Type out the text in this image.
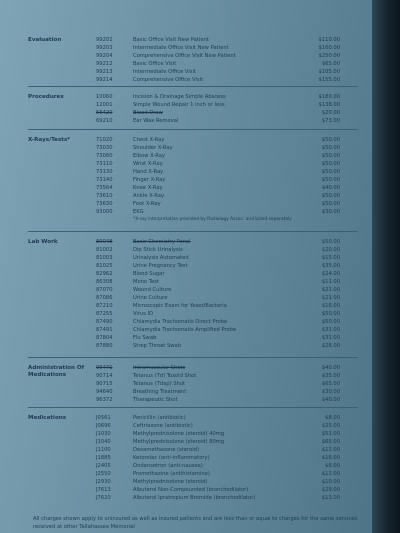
Evaluation	99202	Basic Office Visit New Patient	$110.00
99203	Intermediate Office Visit New Patient	$160.00
99204	Comprehensive Office Visit New Patient	$250.00
99212	Basic Office Visit	$65.00
99213	Intermediate Office Visit	$105.00
99214	Comprehensive Office Visit	$155.00
Procedures	10060	Incision & Drainage Simple Abscess	$180.00
12001	Simple Wound Repair 1 inch or less	$138.00
56420	Blood Draw	$20.00
69210	Ear Wax Removal	$73.00
X-Rays/Tests*	71020	Chest X-Ray	$50.00
73030	Shoulder X-Ray	$50.00
73080	Elbow X-Ray	$50.00
73110	Wrist X-Ray	$50.00
73130	Hand X-Ray	$50.00
73140	Finger X-Ray	$50.00
73564	Knee X-Ray	$40.00
73610	Ankle X-Ray	$50.00
73630	Foot X-Ray	$50.00
93000	EKG	$30.00
*X-ray interpretation provided by Radiology Assoc. and billed separately
Lab Work	80048	Basic Chemistry Panel	$50.00
81002	Dip Stick Urinalysis	$20.00
81003	Urinalysis Automated	$15.00
81025	Urine Pregnancy Test	$35.00
82962	Blood Sugar	$24.00
86308	Mono Test	$11.00
87070	Wound Culture	$21.00
87086	Urine Culture	$21.00
87210	Microscopic Exam for Yeast/Bacteria	$16.00
87255	Virus ID	$50.00
87490	Chlamydia Trachomatis Direct Probe	$50.00
87491	Chlamydia Trachomatis Amplified Probe	$31.00
87804	Flu Swab	$31.00
87880	Strep Throat Swab	$26.00
Administration Of Medications
96471	Intramuscular Shots	$40.00
90714	Tetanus (Td) Toxoid Shot	$35.00
90715	Tetanus (Tdap) Shot	$65.00
94640	Breathing Treatment	$30.00
96372	Therapeutic Shot	$40.00
Medications	J0561	Penicillin (antibiotic)	$8.00
J0696	Ceftriaxone (antibiotic)	$25.00
J1030	Methylprednisolone (steroid) 40mg	$51.00
J1040	Methylprednisolone (steroid) 80mg	$65.00
J1100	Dexamethasone (steroid)	$12.00
J1885	Ketorolac (anti-inflammatory)	$16.00
J2405	Ondansetron (anti-nausea)	$6.00
J2550	Promethazine (antihistamine)	$12.00
J2930	Methylprednisolone (steroid)	$10.00
J7613	Albuterol Non-Compounded (bronchodilator)	$29.00
J7620	Albuterol Ipratropium Bromide (bronchodilator)	$13.00
All charges shown apply to uninsured as well as insured patients and are less than or equal to charges for the same services received at other Tallahassee Memorial
